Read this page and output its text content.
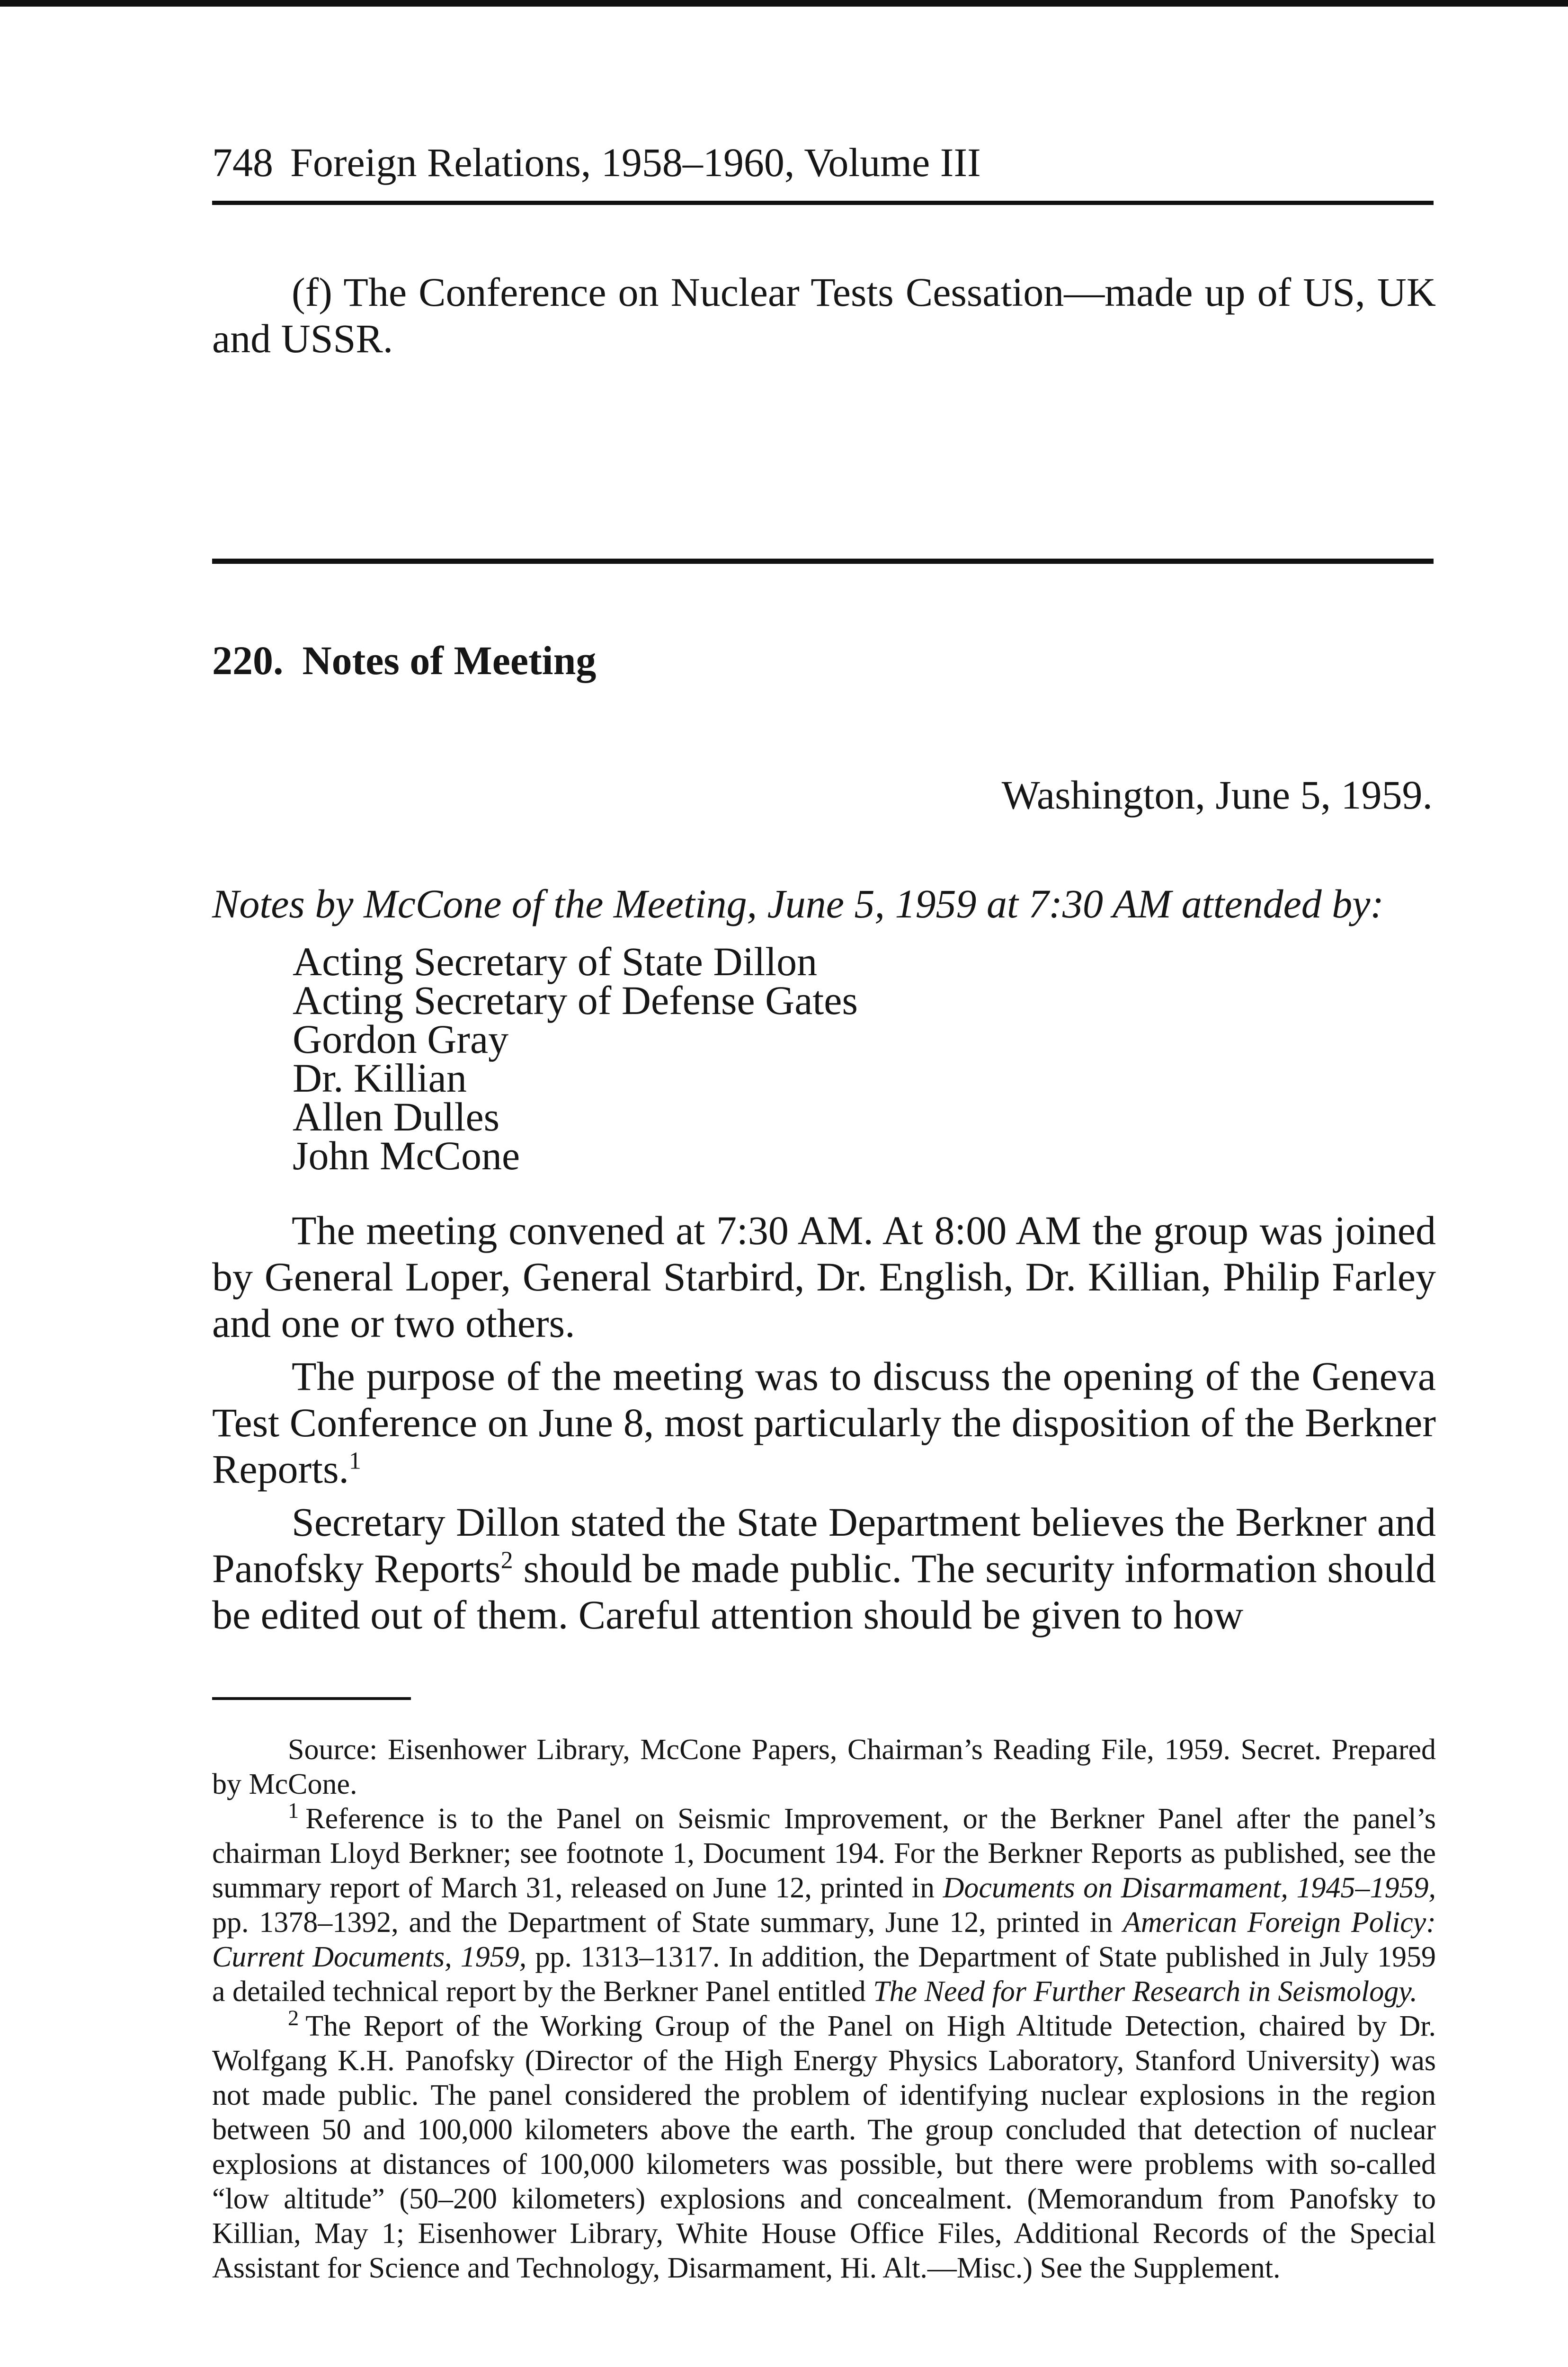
748 Foreign Relations, 1958–1960, Volume III

(f) The Conference on Nuclear Tests Cessation—made up of US, UK and USSR.

220. Notes of Meeting
Washington, June 5, 1959.
Notes by McCone of the Meeting, June 5, 1959 at 7:30 AM attended by:
Acting Secretary of State Dillon
Acting Secretary of Defense Gates
Gordon Gray
Dr. Killian
Allen Dulles
John McCone

The meeting convened at 7:30 AM. At 8:00 AM the group was joined by General Loper, General Starbird, Dr. English, Dr. Killian, Philip Farley and one or two others.

The purpose of the meeting was to discuss the opening of the Geneva Test Conference on June 8, most particularly the disposition of the Berkner Reports.$^1$

Secretary Dillon stated the State Department believes the Berkner and Panofsky Reports$^2$ should be made public. The security information should be edited out of them. Careful attention should be given to how

Source: Eisenhower Library, McCone Papers, Chairman’s Reading File, 1959. Secret. Prepared by McCone.

$^1$ Reference is to the Panel on Seismic Improvement, or the Berkner Panel after the panel’s chairman Lloyd Berkner; see footnote 1, Document 194. For the Berkner Reports as published, see the summary report of March 31, released on June 12, printed in Documents on Disarmament, 1945–1959, pp. 1378–1392, and the Department of State summary, June 12, printed in American Foreign Policy: Current Documents, 1959, pp. 1313–1317. In addition, the Department of State published in July 1959 a detailed technical report by the Berkner Panel entitled The Need for Further Research in Seismology.

$^2$ The Report of the Working Group of the Panel on High Altitude Detection, chaired by Dr. Wolfgang K.H. Panofsky (Director of the High Energy Physics Laboratory, Stanford University) was not made public. The panel considered the problem of identifying nuclear explosions in the region between 50 and 100,000 kilometers above the earth. The group concluded that detection of nuclear explosions at distances of 100,000 kilometers was possible, but there were problems with so-called “low altitude” (50–200 kilometers) explosions and concealment. (Memorandum from Panofsky to Killian, May 1; Eisenhower Library, White House Office Files, Additional Records of the Special Assistant for Science and Technology, Disarmament, Hi. Alt.—Misc.) See the Supplement.
